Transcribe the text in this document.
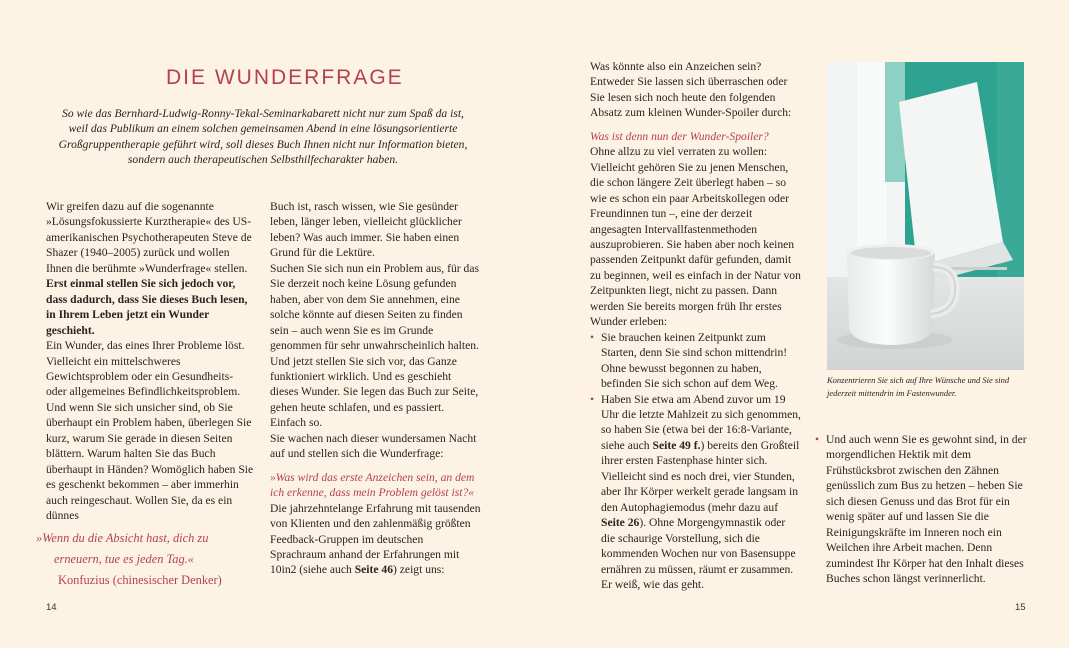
DIE WUNDERFRAGE
So wie das Bernhard-Ludwig-Ronny-Tekal-Seminarkabarett nicht nur zum Spaß da ist,
weil das Publikum an einem solchen gemeinsamen Abend in eine lösungsorientierte
Großgruppentherapie geführt wird, soll dieses Buch Ihnen nicht nur Information bieten,
sondern auch therapeutischen Selbsthilfecharakter haben.

Wir greifen dazu auf die sogenannte »Lösungsfokussierte Kurztherapie« des US-amerikanischen Psychotherapeuten Steve de Shazer (1940–2005) zurück und wollen Ihnen die berühmte »Wunderfrage« stellen.

Erst einmal stellen Sie sich jedoch vor, dass dadurch, dass Sie dieses Buch lesen, in Ihrem Leben jetzt ein Wunder geschieht.

Ein Wunder, das eines Ihrer Probleme löst. Vielleicht ein mittelschweres Gewichtsproblem oder ein Gesundheits- oder allgemeines Befindlichkeitsproblem.

Und wenn Sie sich unsicher sind, ob Sie überhaupt ein Problem haben, überlegen Sie kurz, warum Sie gerade in diesen Seiten blättern. Warum halten Sie das Buch überhaupt in Händen? Womöglich haben Sie es geschenkt bekommen – aber immerhin auch reingeschaut. Wollen Sie, da es ein dünnes

Buch ist, rasch wissen, wie Sie gesünder leben, länger leben, vielleicht glücklicher leben? Was auch immer. Sie haben einen Grund für die Lektüre.

Suchen Sie sich nun ein Problem aus, für das Sie derzeit noch keine Lösung gefunden haben, aber von dem Sie annehmen, eine solche könnte auf diesen Seiten zu finden sein – auch wenn Sie es im Grunde genommen für sehr unwahrscheinlich halten.

Und jetzt stellen Sie sich vor, das Ganze funktioniert wirklich. Und es geschieht dieses Wunder. Sie legen das Buch zur Seite, gehen heute schlafen, und es passiert. Einfach so.

Sie wachen nach dieser wundersamen Nacht auf und stellen sich die Wunderfrage:

»Was wird das erste Anzeichen sein, an dem ich erkenne, dass mein Problem gelöst ist?«

Die jahrzehntelange Erfahrung mit tausenden von Klienten und den zahlenmäßig größten Feedback-Gruppen im deutschen Sprachraum anhand der Erfahrungen mit 10in2 (siehe auch Seite 46) zeigt uns:

»Wenn du die Absicht hast, dich zu
erneuern, tue es jeden Tag.«
Konfuzius (chinesischer Denker)
14

Was könnte also ein Anzeichen sein? Entweder Sie lassen sich überraschen oder Sie lesen sich noch heute den folgenden Absatz zum kleinen Wunder-Spoiler durch:

Was ist denn nun der Wunder-Spoiler?

Ohne allzu zu viel verraten zu wollen: Vielleicht gehören Sie zu jenen Menschen, die schon längere Zeit überlegt haben – so wie es schon ein paar Arbeitskollegen oder Freundinnen tun –, eine der derzeit angesagten Intervallfastenmethoden auszuprobieren. Sie haben aber noch keinen passenden Zeitpunkt dafür gefunden, damit zu beginnen, weil es einfach in der Natur von Zeitpunkten liegt, nicht zu passen. Dann werden Sie bereits morgen früh Ihr erstes Wunder erleben:

• Sie brauchen keinen Zeitpunkt zum Starten, denn Sie sind schon mittendrin! Ohne bewusst begonnen zu haben, befinden Sie sich schon auf dem Weg.
• Haben Sie etwa am Abend zuvor um 19 Uhr die letzte Mahlzeit zu sich genommen, so haben Sie (etwa bei der 16:8-Variante, siehe auch Seite 49 f.) bereits den Großteil ihrer ersten Fastenphase hinter sich. Vielleicht sind es noch drei, vier Stunden, aber Ihr Körper werkelt gerade langsam in den Autophagiemodus (mehr dazu auf Seite 26). Ohne Morgengymnastik oder die schaurige Vorstellung, sich die kommenden Wochen nur von Basensuppe ernähren zu müssen, räumt er zusammen. Er weiß, wie das geht.
• Und auch wenn Sie es gewohnt sind, in der morgendlichen Hektik mit dem Frühstücksbrot zwischen den Zähnen genüsslich zum Bus zu hetzen – heben Sie sich diesen Genuss und das Brot für ein wenig später auf und lassen Sie die Reinigungskräfte im Inneren noch ein Weilchen ihre Arbeit machen. Denn zumindest Ihr Körper hat den Inhalt dieses Buches schon längst verinnerlicht.
Konzentrieren Sie sich auf Ihre Wünsche und Sie sind jederzeit mittendrin im Fastenwunder.
15
